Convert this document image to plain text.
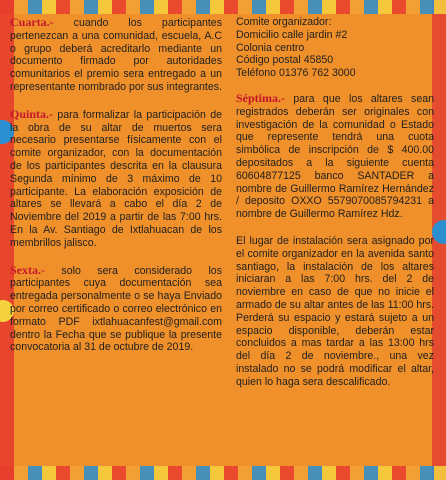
Cuarta.- cuando los participantes pertenezcan a una comunidad, escuela, A.C o grupo deberá acreditarlo mediante un documento firmado por autoridades comunitarios el premio sera entregado a un representante nombrado por sus integrantes.

Quinta.- para formalizar la participación de la obra de su altar de muertos sera necesario presentarse físicamente con el comite organizador, con la documentación de los participantes descrita en la clausura Segunda mínimo de 3 máximo de 10 participante. La elaboración exposición de altares se llevará a cabo el día 2 de Noviembre del 2019 a partir de las 7:00 hrs. En la Av. Santiago de Ixtlahuacan de los membrillos jalisco.

Sexta.- solo sera considerado los participantes cuya documentación sea entregada personalmente o se haya Enviado por correo certificado o correo electrónico en formato PDF ixtlahuacanfest@gmail.com dentro la Fecha que se publique la presente convocatoria al 31 de octubre de 2019.

Comite organizador:

Domicilio calle jardin #2

Colonia centro

Código postal 45850

Teléfono 01376 762 3000

Séptima.- para que los altares sean registrados deberán ser originales con investigación de la comunidad o Estado que represente tendrá una cuota simbólica de inscripción de $ 400.00 depositados a la siguiente cuenta 60604877125 banco SANTADER a nombre de Guillermo Ramírez Hernández / deposito OXXO 5579070085794231 a nombre de Guillermo Ramírez Hdz.

El lugar de instalación sera asignado por el comite organizador en la avenida santo santiago, la instalación de los altares iniciaran a las 7:00 hrs. del 2 de noviembre en caso de que no inicie el armado de su altar antes de las 11:00 hrs. Perderá su espacio y estará sujeto a un espacio disponible, deberán estar concluidos a mas tardar a las 13:00 hrs del día 2 de noviembre., una vez instalado no se podrá modificar el altar, quien lo haga sera descalificado.
